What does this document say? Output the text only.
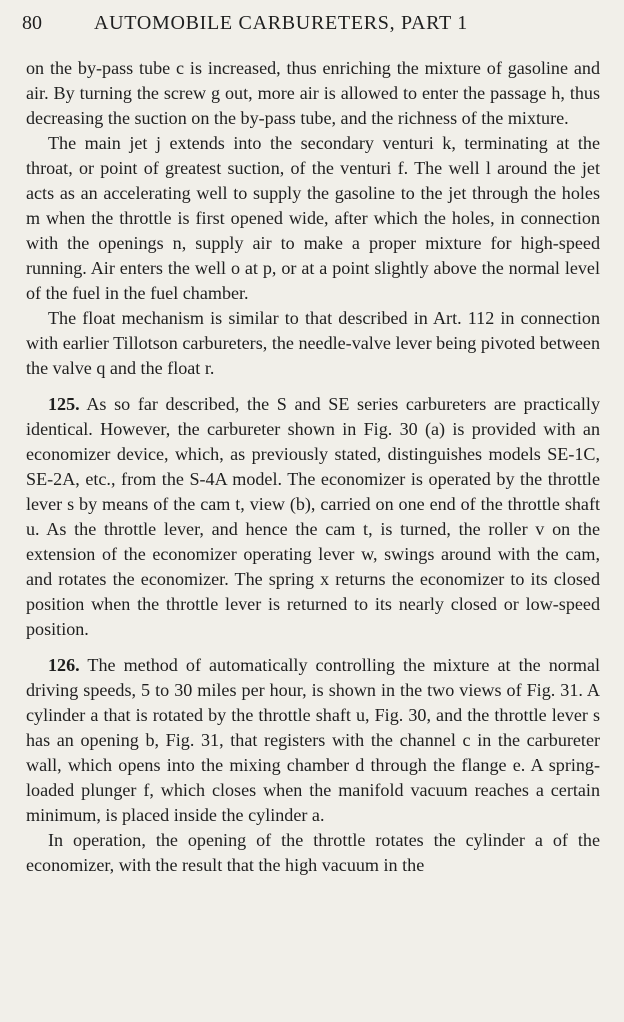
80	AUTOMOBILE CARBURETERS, PART 1

on the by-pass tube c is increased, thus enriching the mixture of gasoline and air. By turning the screw g out, more air is allowed to enter the passage h, thus decreasing the suction on the by-pass tube, and the richness of the mixture.

The main jet j extends into the secondary venturi k, terminating at the throat, or point of greatest suction, of the venturi f. The well l around the jet acts as an accelerating well to supply the gasoline to the jet through the holes m when the throttle is first opened wide, after which the holes, in connection with the openings n, supply air to make a proper mixture for high-speed running. Air enters the well o at p, or at a point slightly above the normal level of the fuel in the fuel chamber.

The float mechanism is similar to that described in Art. 112 in connection with earlier Tillotson carbureters, the needle-valve lever being pivoted between the valve q and the float r.

125. As so far described, the S and SE series carbureters are practically identical. However, the carbureter shown in Fig. 30 (a) is provided with an economizer device, which, as previously stated, distinguishes models SE-1C, SE-2A, etc., from the S-4A model. The economizer is operated by the throttle lever s by means of the cam t, view (b), carried on one end of the throttle shaft u. As the throttle lever, and hence the cam t, is turned, the roller v on the extension of the economizer operating lever w, swings around with the cam, and rotates the economizer. The spring x returns the economizer to its closed position when the throttle lever is returned to its nearly closed or low-speed position.

126. The method of automatically controlling the mixture at the normal driving speeds, 5 to 30 miles per hour, is shown in the two views of Fig. 31. A cylinder a that is rotated by the throttle shaft u, Fig. 30, and the throttle lever s has an opening b, Fig. 31, that registers with the channel c in the carbureter wall, which opens into the mixing chamber d through the flange e. A spring-loaded plunger f, which closes when the manifold vacuum reaches a certain minimum, is placed inside the cylinder a.

In operation, the opening of the throttle rotates the cylinder a of the economizer, with the result that the high vacuum in the
